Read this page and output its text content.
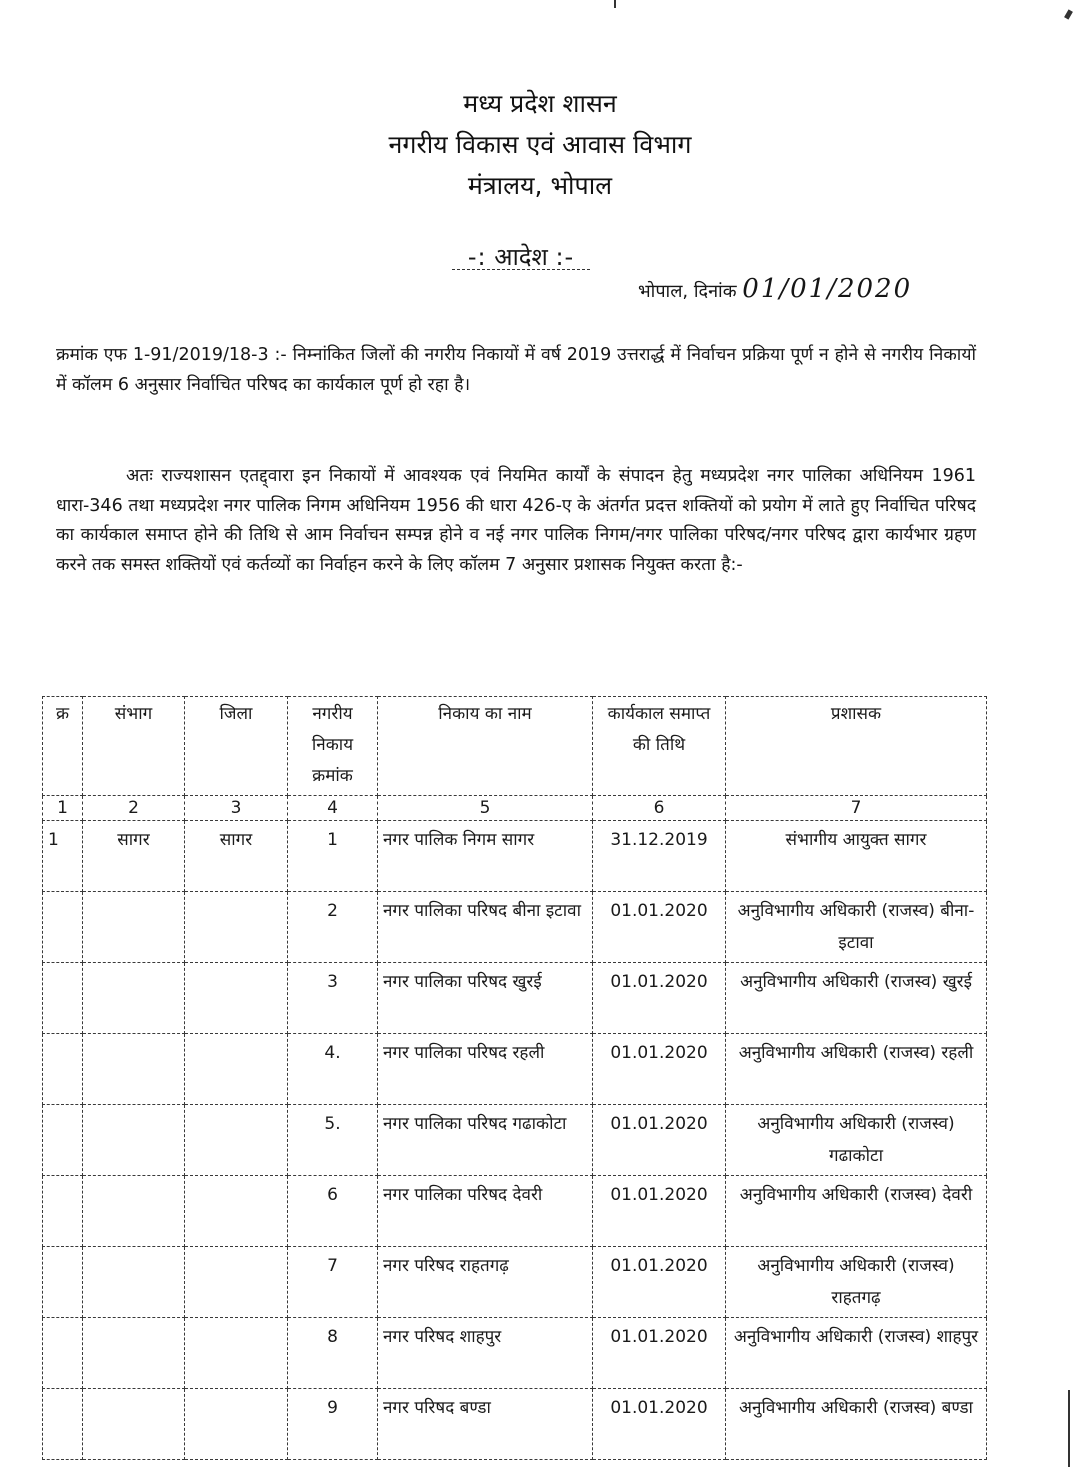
मध्य प्रदेश शासन
नगरीय विकास एवं आवास विभाग
मंत्रालय, भोपाल
-: आदेश :-
भोपाल, दिनांक 01/01/2020
क्रमांक एफ 1-91/2019/18-3 :- निम्नांकित जिलों की नगरीय निकायों में वर्ष 2019 उत्तरार्द्ध में निर्वाचन प्रक्रिया पूर्ण न होने से नगरीय निकायों में कॉलम 6 अनुसार निर्वाचित परिषद का कार्यकाल पूर्ण हो रहा है।
अतः राज्यशासन एतद्द्वारा इन निकायों में आवश्यक एवं नियमित कार्यों के संपादन हेतु मध्यप्रदेश नगर पालिका अधिनियम 1961 धारा-346 तथा मध्यप्रदेश नगर पालिक निगम अधिनियम 1956 की धारा 426-ए के अंतर्गत प्रदत्त शक्तियों को प्रयोग में लाते हुए निर्वाचित परिषद का कार्यकाल समाप्त होने की तिथि से आम निर्वाचन सम्पन्न होने व नई नगर पालिक निगम/नगर पालिका परिषद/नगर परिषद द्वारा कार्यभार ग्रहण करने तक समस्त शक्तियों एवं कर्तव्यों का निर्वाहन करने के लिए कॉलम 7 अनुसार प्रशासक नियुक्त करता है:-
क्र	संभाग	जिला	नगरीय निकाय क्रमांक	निकाय का नाम	कार्यकाल समाप्त की तिथि	प्रशासक
1	2	3	4	5	6	7
1	सागर	सागर	1	नगर पालिक निगम सागर	31.12.2019	संभागीय आयुक्त सागर
			2	नगर पालिका परिषद बीना इटावा	01.01.2020	अनुविभागीय अधिकारी (राजस्व) बीना-इटावा
			3	नगर पालिका परिषद खुरई	01.01.2020	अनुविभागीय अधिकारी (राजस्व) खुरई
			4.	नगर पालिका परिषद रहली	01.01.2020	अनुविभागीय अधिकारी (राजस्व) रहली
			5.	नगर पालिका परिषद गढाकोटा	01.01.2020	अनुविभागीय अधिकारी (राजस्व) गढाकोटा
			6	नगर पालिका परिषद देवरी	01.01.2020	अनुविभागीय अधिकारी (राजस्व) देवरी
			7	नगर परिषद राहतगढ़	01.01.2020	अनुविभागीय अधिकारी (राजस्व) राहतगढ़
			8	नगर परिषद शाहपुर	01.01.2020	अनुविभागीय अधिकारी (राजस्व) शाहपुर
			9	नगर परिषद बण्डा	01.01.2020	अनुविभागीय अधिकारी (राजस्व) बण्डा
